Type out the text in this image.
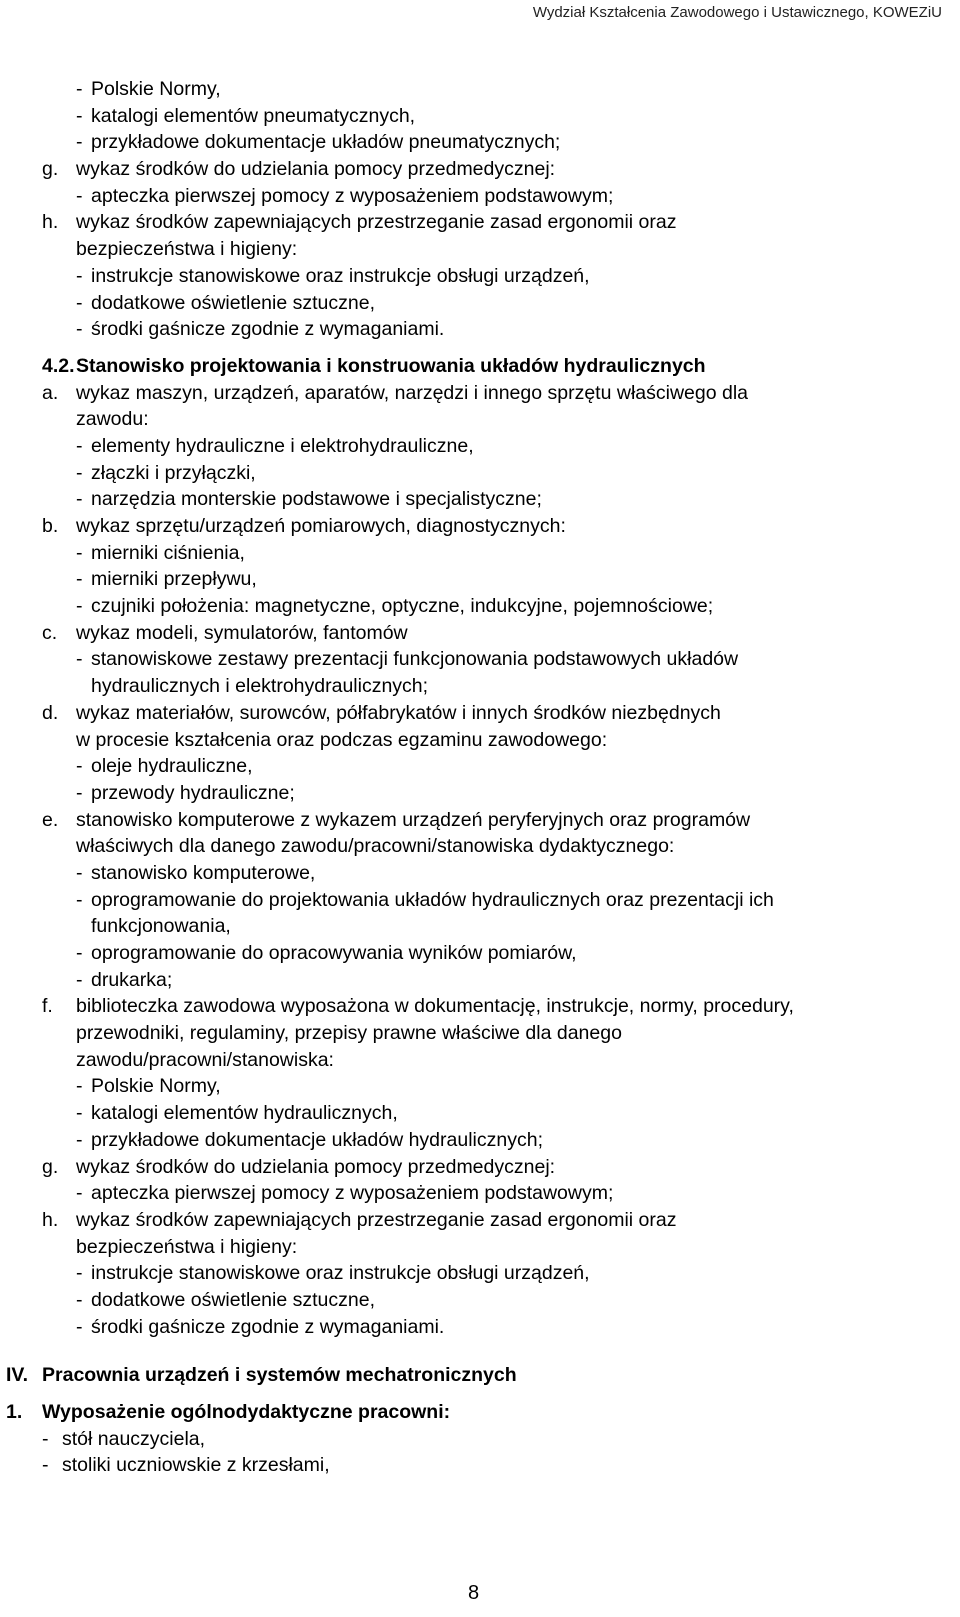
Wydział Kształcenia Zawodowego i Ustawicznego, KOWEZiU
- Polskie Normy,
- katalogi elementów pneumatycznych,
- przykładowe dokumentacje układów pneumatycznych;
g. wykaz środków do udzielania pomocy przedmedycznej:
- apteczka pierwszej pomocy z wyposażeniem podstawowym;
h. wykaz środków zapewniających przestrzeganie zasad ergonomii oraz
bezpieczeństwa i higieny:
- instrukcje stanowiskowe oraz instrukcje obsługi urządzeń,
- dodatkowe oświetlenie sztuczne,
- środki gaśnicze zgodnie z wymaganiami.
4.2. Stanowisko projektowania i konstruowania układów hydraulicznych
a. wykaz maszyn, urządzeń, aparatów, narzędzi i innego sprzętu właściwego dla
zawodu:
- elementy hydrauliczne i elektrohydrauliczne,
- złączki i przyłączki,
- narzędzia monterskie podstawowe i specjalistyczne;
b. wykaz sprzętu/urządzeń pomiarowych, diagnostycznych:
- mierniki ciśnienia,
- mierniki przepływu,
- czujniki położenia: magnetyczne, optyczne, indukcyjne, pojemnościowe;
c. wykaz modeli, symulatorów, fantomów
- stanowiskowe zestawy prezentacji funkcjonowania podstawowych układów
hydraulicznych i elektrohydraulicznych;
d. wykaz materiałów, surowców, półfabrykatów i innych środków niezbędnych
w procesie kształcenia oraz podczas egzaminu zawodowego:
- oleje hydrauliczne,
- przewody hydrauliczne;
e. stanowisko komputerowe z wykazem urządzeń peryferyjnych oraz programów
właściwych dla danego zawodu/pracowni/stanowiska dydaktycznego:
- stanowisko komputerowe,
- oprogramowanie do projektowania układów hydraulicznych oraz prezentacji ich
funkcjonowania,
- oprogramowanie do opracowywania wyników pomiarów,
- drukarka;
f. biblioteczka zawodowa wyposażona w dokumentację, instrukcje, normy, procedury,
przewodniki, regulaminy, przepisy prawne właściwe dla danego
zawodu/pracowni/stanowiska:
- Polskie Normy,
- katalogi elementów hydraulicznych,
- przykładowe dokumentacje układów hydraulicznych;
g. wykaz środków do udzielania pomocy przedmedycznej:
- apteczka pierwszej pomocy z wyposażeniem podstawowym;
h. wykaz środków zapewniających przestrzeganie zasad ergonomii oraz
bezpieczeństwa i higieny:
- instrukcje stanowiskowe oraz instrukcje obsługi urządzeń,
- dodatkowe oświetlenie sztuczne,
- środki gaśnicze zgodnie z wymaganiami.
IV. Pracownia urządzeń i systemów mechatronicznych
1. Wyposażenie ogólnodydaktyczne pracowni:
- stół nauczyciela,
- stoliki uczniowskie z krzesłami,
8
